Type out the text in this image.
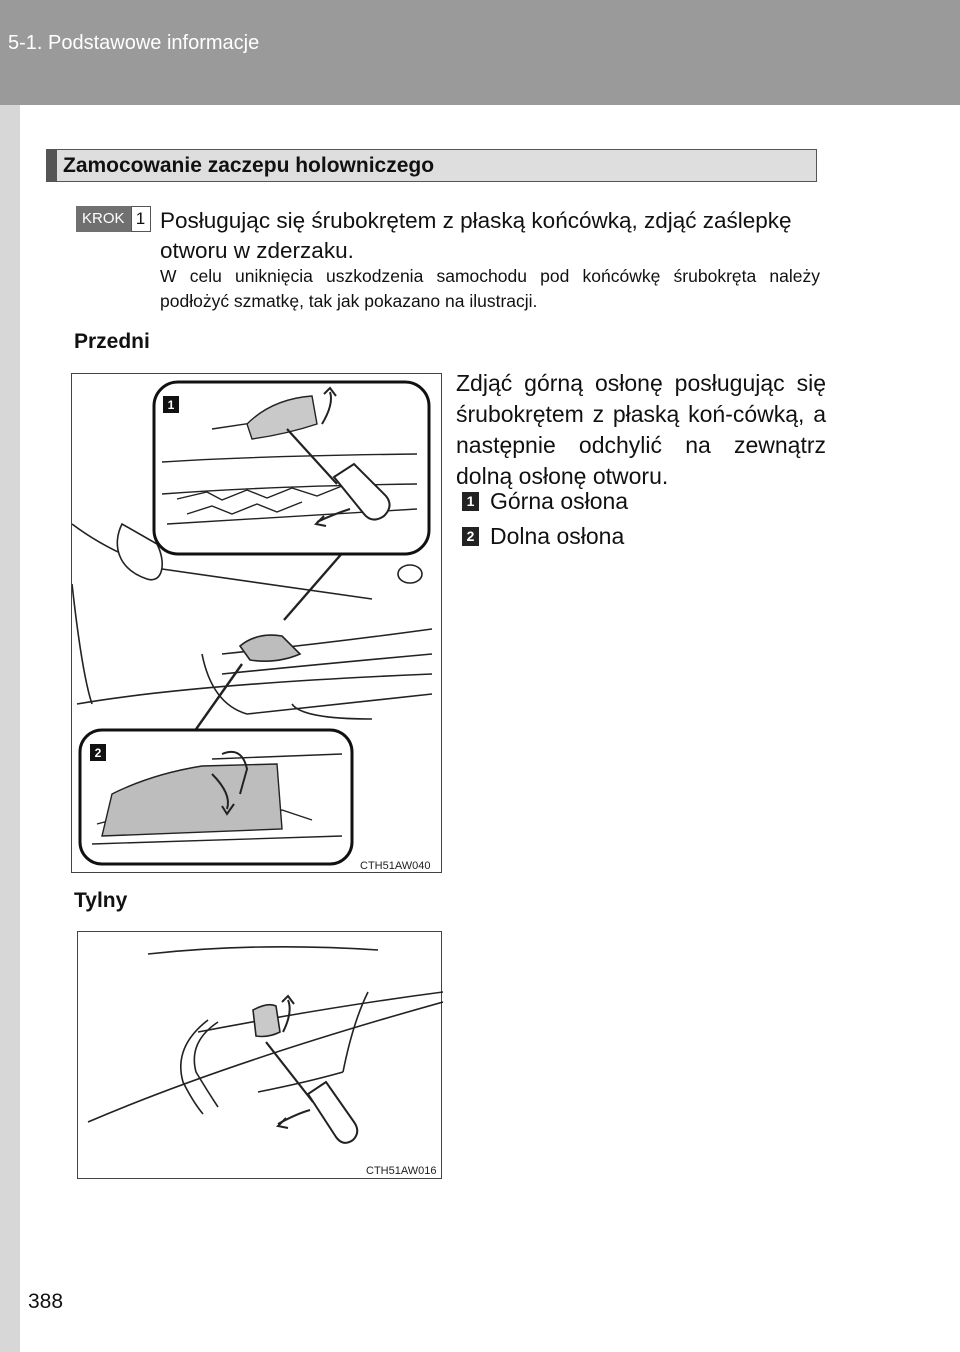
5-1. Podstawowe informacje
Zamocowanie zaczepu holowniczego
KROK 1 Posługując się śrubokrętem z płaską końcówką, zdjąć zaślepkę otworu w zderzaku.
W celu uniknięcia uszkodzenia samochodu pod końcówkę śrubokręta należy podłożyć szmatkę, tak jak pokazano na ilustracji.
Przedni
1
2
CTH51AW040
Zdjąć górną osłonę posługując się śrubokrętem z płaską koń-cówką, a następnie odchylić na zewnątrz dolną osłonę otworu.
1 Górna osłona
2 Dolna osłona
Tylny
CTH51AW016
388
